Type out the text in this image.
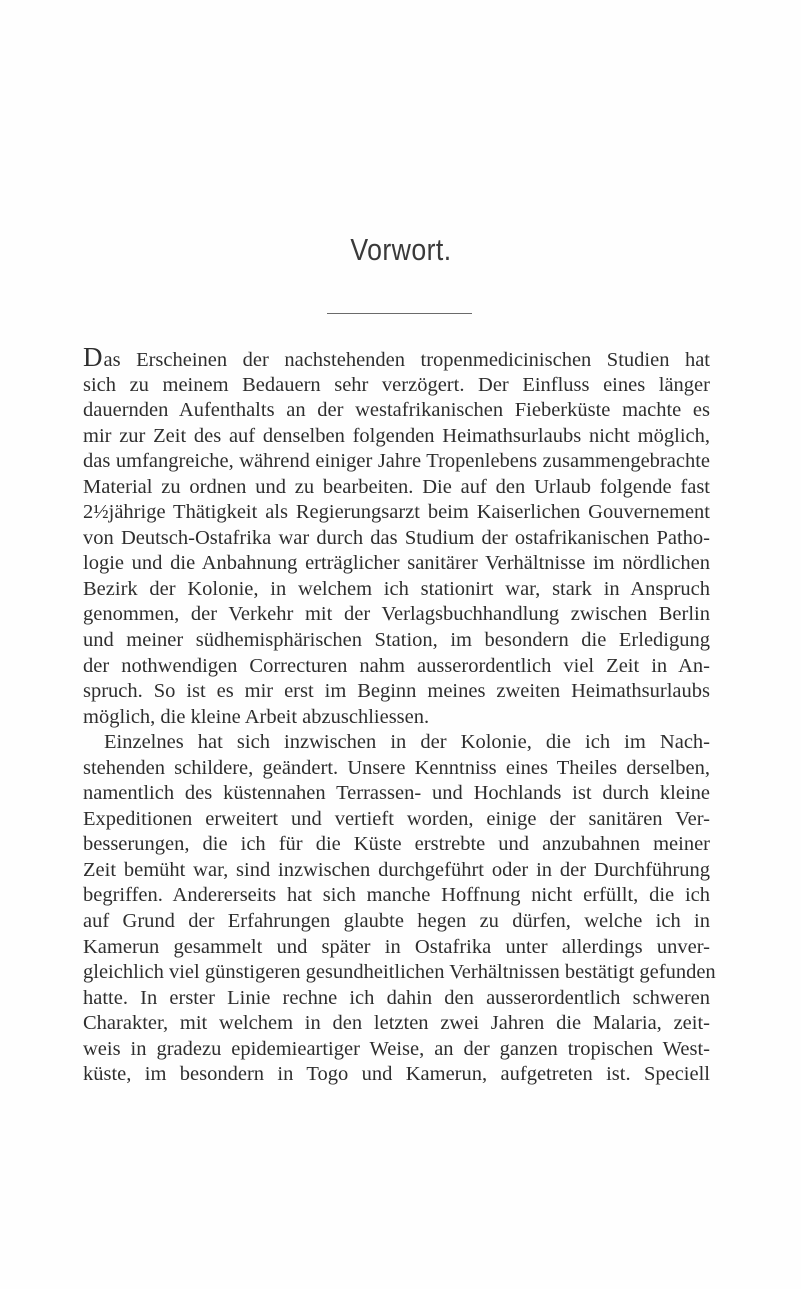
Vorwort.
Das Erscheinen der nachstehenden tropenmedicinischen Studien hat
sich zu meinem Bedauern sehr verzögert. Der Einfluss eines länger
dauernden Aufenthalts an der westafrikanischen Fieberküste machte es
mir zur Zeit des auf denselben folgenden Heimathsurlaubs nicht möglich,
das umfangreiche, während einiger Jahre Tropenlebens zusammengebrachte
Material zu ordnen und zu bearbeiten. Die auf den Urlaub folgende fast
2½jährige Thätigkeit als Regierungsarzt beim Kaiserlichen Gouvernement
von Deutsch-Ostafrika war durch das Studium der ostafrikanischen Patho-
logie und die Anbahnung erträglicher sanitärer Verhältnisse im nördlichen
Bezirk der Kolonie, in welchem ich stationirt war, stark in Anspruch
genommen, der Verkehr mit der Verlagsbuchhandlung zwischen Berlin
und meiner südhemisphärischen Station, im besondern die Erledigung
der nothwendigen Correcturen nahm ausserordentlich viel Zeit in An-
spruch. So ist es mir erst im Beginn meines zweiten Heimathsurlaubs
möglich, die kleine Arbeit abzuschliessen.
Einzelnes hat sich inzwischen in der Kolonie, die ich im Nach-
stehenden schildere, geändert. Unsere Kenntniss eines Theiles derselben,
namentlich des küstennahen Terrassen- und Hochlands ist durch kleine
Expeditionen erweitert und vertieft worden, einige der sanitären Ver-
besserungen, die ich für die Küste erstrebte und anzubahnen meiner
Zeit bemüht war, sind inzwischen durchgeführt oder in der Durchführung
begriffen. Andererseits hat sich manche Hoffnung nicht erfüllt, die ich
auf Grund der Erfahrungen glaubte hegen zu dürfen, welche ich in
Kamerun gesammelt und später in Ostafrika unter allerdings unver-
gleichlich viel günstigeren gesundheitlichen Verhältnissen bestätigt gefunden
hatte. In erster Linie rechne ich dahin den ausserordentlich schweren
Charakter, mit welchem in den letzten zwei Jahren die Malaria, zeit-
weis in gradezu epidemieartiger Weise, an der ganzen tropischen West-
küste, im besondern in Togo und Kamerun, aufgetreten ist. Speciell
